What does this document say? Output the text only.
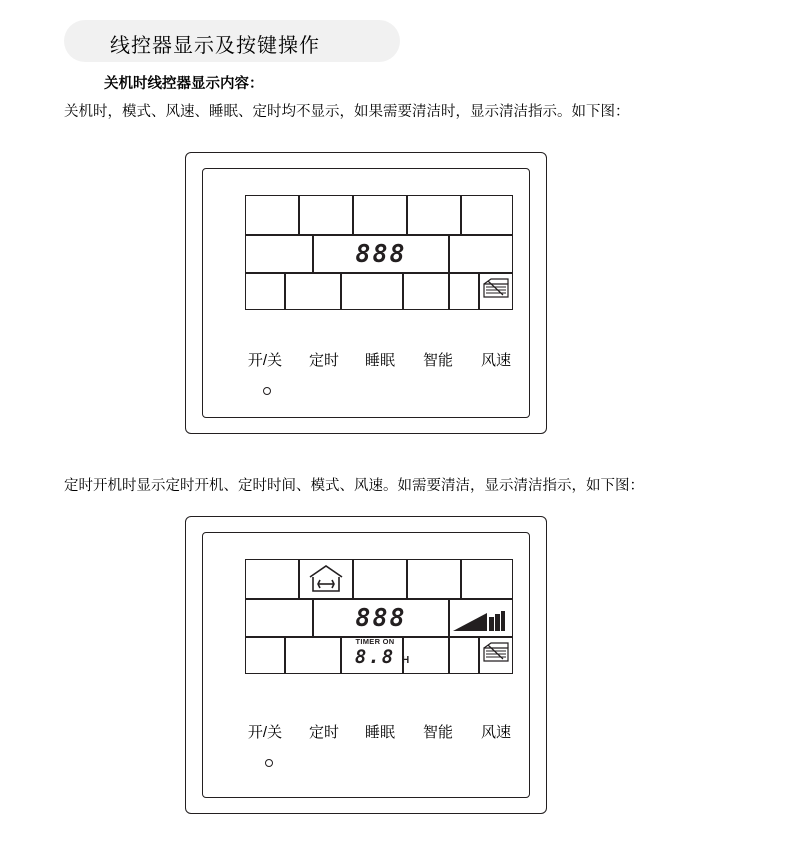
线控器显示及按键操作
关机时线控器显示内容：
关机时，模式、风速、睡眠、定时均不显示，如果需要清洁时，显示清洁指示。如下图：
定时开机时显示定时开机、定时时间、模式、风速。如需要清洁，显示清洁指示，如下图：
888
开/关	定时	睡眠	智能	风速
888
TIMER ON
8.8 H
开/关	定时	睡眠	智能	风速
